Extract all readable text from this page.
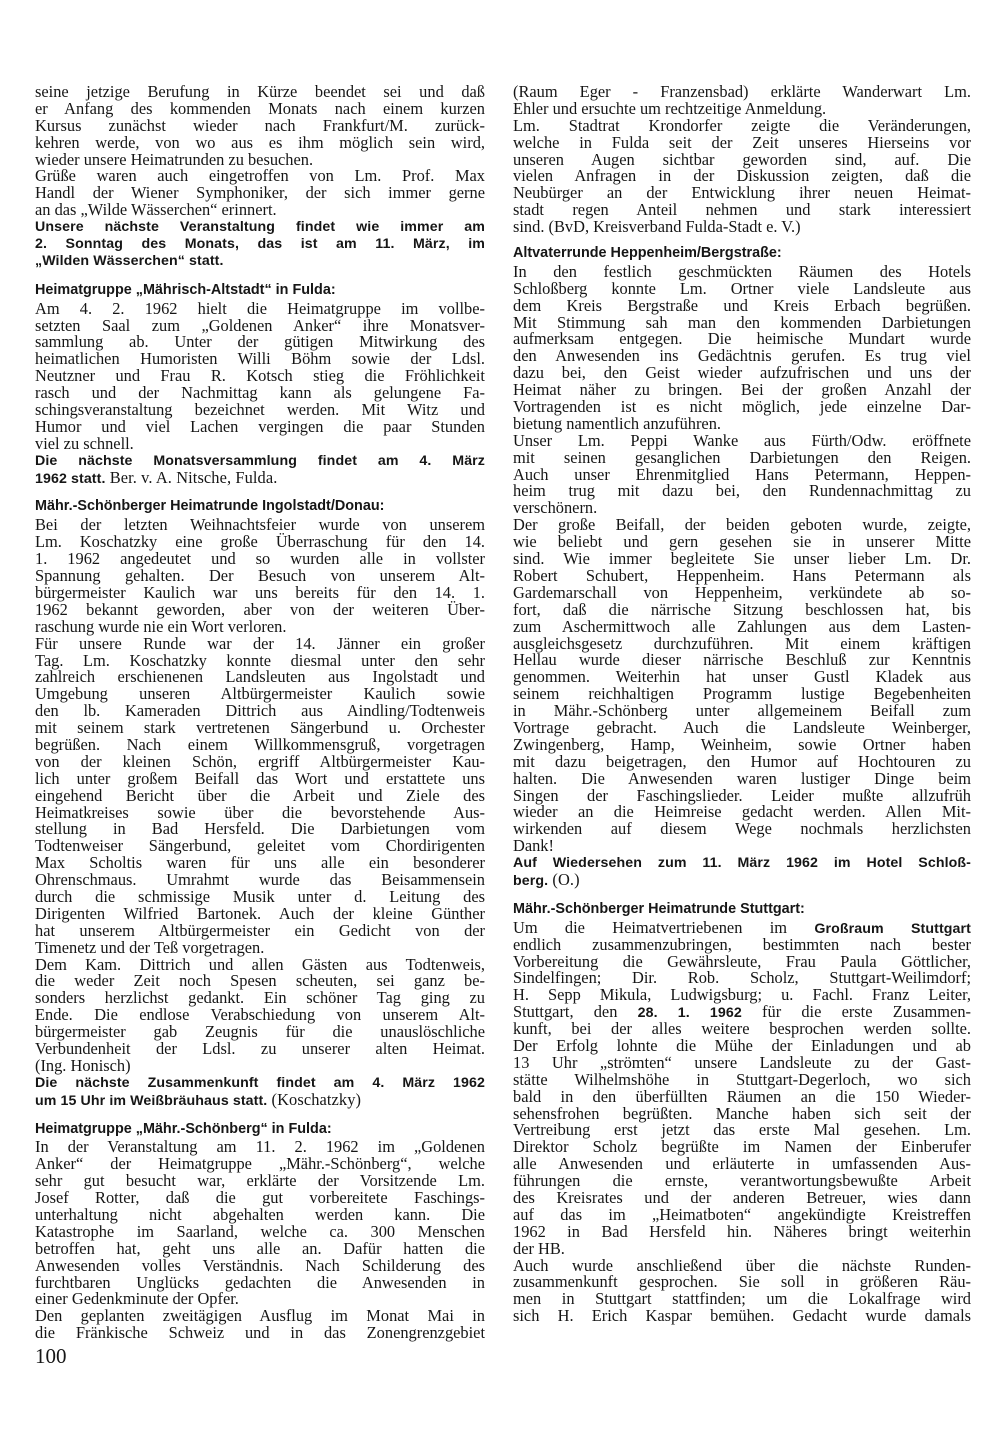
seine jetzige Berufung in Kürze beendet sei und daß
er Anfang des kommenden Monats nach einem kurzen
Kursus zunächst wieder nach Frankfurt/M. zurück-
kehren werde, von wo aus es ihm möglich sein wird,
wieder unsere Heimatrunden zu besuchen.
Grüße waren auch eingetroffen von Lm. Prof. Max
Handl der Wiener Symphoniker, der sich immer gerne
an das „Wilde Wässerchen“ erinnert.
Unsere nächste Veranstaltung findet wie immer am
2. Sonntag des Monats, das ist am 11. März, im
„Wilden Wässerchen“ statt.
Heimatgruppe „Mährisch-Altstadt“ in Fulda:
Am 4. 2. 1962 hielt die Heimatgruppe im vollbe-
setzten Saal zum „Goldenen Anker“ ihre Monatsver-
sammlung ab. Unter der gütigen Mitwirkung des
heimatlichen Humoristen Willi Böhm sowie der Ldsl.
Neutzner und Frau R. Kotsch stieg die Fröhlichkeit
rasch und der Nachmittag kann als gelungene Fa-
schingsveranstaltung bezeichnet werden. Mit Witz und
Humor und viel Lachen vergingen die paar Stunden
viel zu schnell.
Die nächste Monatsversammlung findet am 4. März
1962 statt. Ber. v. A. Nitsche, Fulda.
Mähr.-Schönberger Heimatrunde Ingolstadt/Donau:
Bei der letzten Weihnachtsfeier wurde von unserem
Lm. Koschatzky eine große Überraschung für den 14.
1. 1962 angedeutet und so wurden alle in vollster
Spannung gehalten. Der Besuch von unserem Alt-
bürgermeister Kaulich war uns bereits für den 14. 1.
1962 bekannt geworden, aber von der weiteren Über-
raschung wurde nie ein Wort verloren.
Für unsere Runde war der 14. Jänner ein großer
Tag. Lm. Koschatzky konnte diesmal unter den sehr
zahlreich erschienenen Landsleuten aus Ingolstadt und
Umgebung unseren Altbürgermeister Kaulich sowie
den lb. Kameraden Dittrich aus Aindling/Todtenweis
mit seinem stark vertretenen Sängerbund u. Orchester
begrüßen. Nach einem Willkommensgruß, vorgetragen
von der kleinen Schön, ergriff Altbürgermeister Kau-
lich unter großem Beifall das Wort und erstattete uns
eingehend Bericht über die Arbeit und Ziele des
Heimatkreises sowie über die bevorstehende Aus-
stellung in Bad Hersfeld. Die Darbietungen vom
Todtenweiser Sängerbund, geleitet vom Chordirigenten
Max Scholtis waren für uns alle ein besonderer
Ohrenschmaus. Umrahmt wurde das Beisammensein
durch die schmissige Musik unter d. Leitung des
Dirigenten Wilfried Bartonek. Auch der kleine Günther
hat unserem Altbürgermeister ein Gedicht von der
Timenetz und der Teß vorgetragen.
Dem Kam. Dittrich und allen Gästen aus Todtenweis,
die weder Zeit noch Spesen scheuten, sei ganz be-
sonders herzlichst gedankt. Ein schöner Tag ging zu
Ende. Die endlose Verabschiedung von unserem Alt-
bürgermeister gab Zeugnis für die unauslöschliche
Verbundenheit der Ldsl. zu unserer alten Heimat.
(Ing. Honisch)
Die nächste Zusammenkunft findet am 4. März 1962
um 15 Uhr im Weißbräuhaus statt. (Koschatzky)
Heimatgruppe „Mähr.-Schönberg“ in Fulda:
In der Veranstaltung am 11. 2. 1962 im „Goldenen
Anker“ der Heimatgruppe „Mähr.-Schönberg“, welche
sehr gut besucht war, erklärte der Vorsitzende Lm.
Josef Rotter, daß die gut vorbereitete Faschings-
unterhaltung nicht abgehalten werden kann. Die
Katastrophe im Saarland, welche ca. 300 Menschen
betroffen hat, geht uns alle an. Dafür hatten die
Anwesenden volles Verständnis. Nach Schilderung des
furchtbaren Unglücks gedachten die Anwesenden in
einer Gedenkminute der Opfer.
Den geplanten zweitägigen Ausflug im Monat Mai in
die Fränkische Schweiz und in das Zonengrenzgebiet
(Raum Eger - Franzensbad) erklärte Wanderwart Lm.
Ehler und ersuchte um rechtzeitige Anmeldung.
Lm. Stadtrat Krondorfer zeigte die Veränderungen,
welche in Fulda seit der Zeit unseres Hierseins vor
unseren Augen sichtbar geworden sind, auf. Die
vielen Anfragen in der Diskussion zeigten, daß die
Neubürger an der Entwicklung ihrer neuen Heimat-
stadt regen Anteil nehmen und stark interessiert
sind. (BvD, Kreisverband Fulda-Stadt e. V.)
Altvaterrunde Heppenheim/Bergstraße:
In den festlich geschmückten Räumen des Hotels
Schloßberg konnte Lm. Ortner viele Landsleute aus
dem Kreis Bergstraße und Kreis Erbach begrüßen.
Mit Stimmung sah man den kommenden Darbietungen
aufmerksam entgegen. Die heimische Mundart wurde
den Anwesenden ins Gedächtnis gerufen. Es trug viel
dazu bei, den Geist wieder aufzufrischen und uns der
Heimat näher zu bringen. Bei der großen Anzahl der
Vortragenden ist es nicht möglich, jede einzelne Dar-
bietung namentlich anzuführen.
Unser Lm. Peppi Wanke aus Fürth/Odw. eröffnete
mit seinen gesanglichen Darbietungen den Reigen.
Auch unser Ehrenmitglied Hans Petermann, Heppen-
heim trug mit dazu bei, den Rundennachmittag zu
verschönern.
Der große Beifall, der beiden geboten wurde, zeigte,
wie beliebt und gern gesehen sie in unserer Mitte
sind. Wie immer begleitete Sie unser lieber Lm. Dr.
Robert Schubert, Heppenheim. Hans Petermann als
Gardemarschall von Heppenheim, verkündete ab so-
fort, daß die närrische Sitzung beschlossen hat, bis
zum Aschermittwoch alle Zahlungen aus dem Lasten-
ausgleichsgesetz durchzuführen. Mit einem kräftigen
Hellau wurde dieser närrische Beschluß zur Kenntnis
genommen. Weiterhin hat unser Gustl Kladek aus
seinem reichhaltigen Programm lustige Begebenheiten
in Mähr.-Schönberg unter allgemeinem Beifall zum
Vortrage gebracht. Auch die Landsleute Weinberger,
Zwingenberg, Hamp, Weinheim, sowie Ortner haben
mit dazu beigetragen, den Humor auf Hochtouren zu
halten. Die Anwesenden waren lustiger Dinge beim
Singen der Faschingslieder. Leider mußte allzufrüh
wieder an die Heimreise gedacht werden. Allen Mit-
wirkenden auf diesem Wege nochmals herzlichsten
Dank!
Auf Wiedersehen zum 11. März 1962 im Hotel Schloß-
berg. (O.)
Mähr.-Schönberger Heimatrunde Stuttgart:
Um die Heimatvertriebenen im Großraum Stuttgart
endlich zusammenzubringen, bestimmten nach bester
Vorbereitung die Gewährsleute, Frau Paula Göttlicher,
Sindelfingen; Dir. Rob. Scholz, Stuttgart-Weilimdorf;
H. Sepp Mikula, Ludwigsburg; u. Fachl. Franz Leiter,
Stuttgart, den 28. 1. 1962 für die erste Zusammen-
kunft, bei der alles weitere besprochen werden sollte.
Der Erfolg lohnte die Mühe der Einladungen und ab
13 Uhr „strömten“ unsere Landsleute zu der Gast-
stätte Wilhelmshöhe in Stuttgart-Degerloch, wo sich
bald in den überfüllten Räumen an die 150 Wieder-
sehensfrohen begrüßten. Manche haben sich seit der
Vertreibung erst jetzt das erste Mal gesehen. Lm.
Direktor Scholz begrüßte im Namen der Einberufer
alle Anwesenden und erläuterte in umfassenden Aus-
führungen die ernste, verantwortungsbewußte Arbeit
des Kreisrates und der anderen Betreuer, wies dann
auf das im „Heimatboten“ angekündigte Kreistreffen
1962 in Bad Hersfeld hin. Näheres bringt weiterhin
der HB.
Auch wurde anschließend über die nächste Runden-
zusammenkunft gesprochen. Sie soll in größeren Räu-
men in Stuttgart stattfinden; um die Lokalfrage wird
sich H. Erich Kaspar bemühen. Gedacht wurde damals
100
